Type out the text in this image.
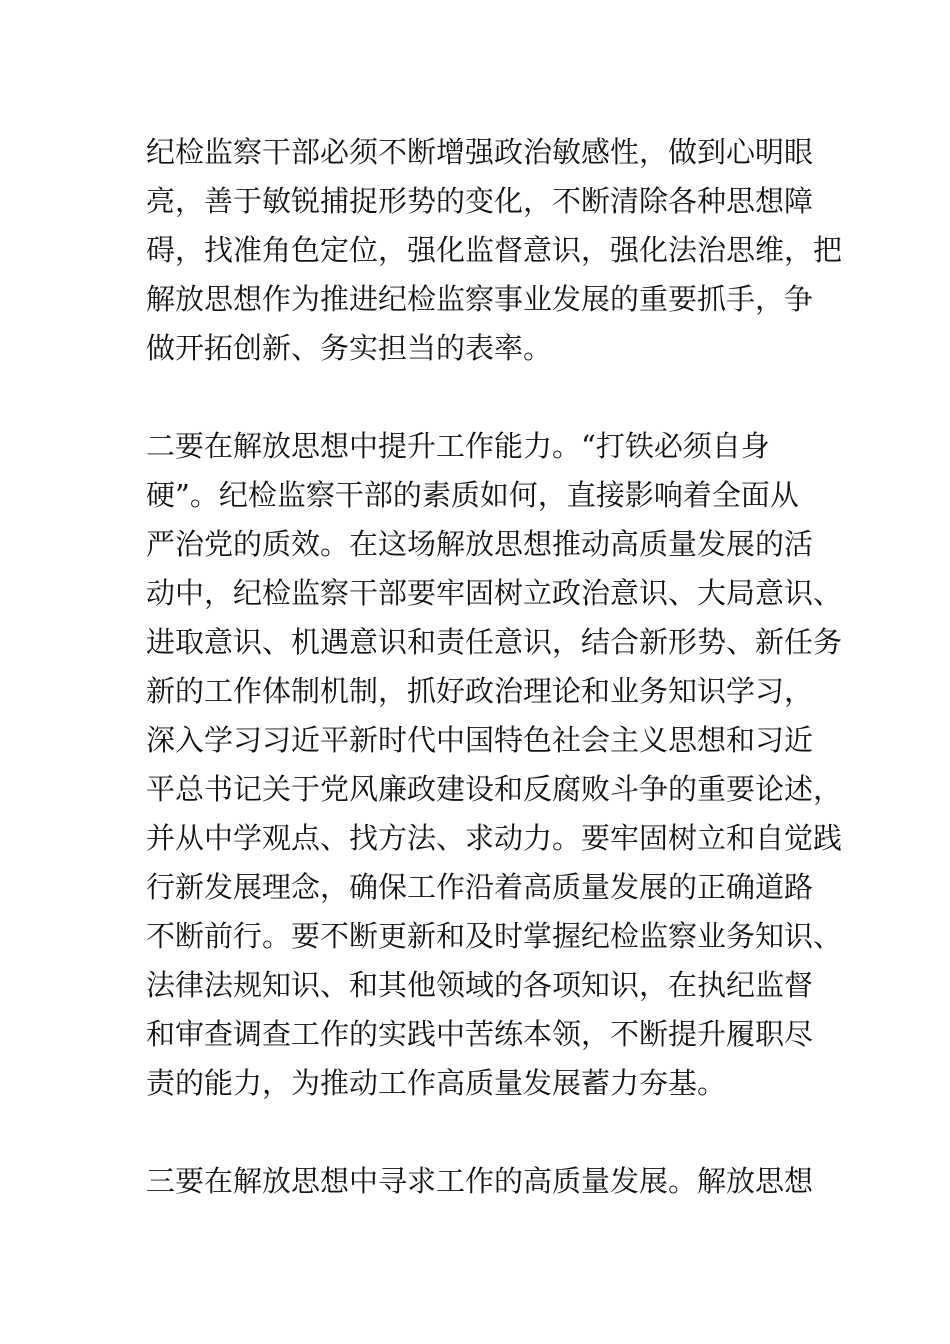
纪检监察干部必须不断增强政治敏感性，做到心明眼
亮，善于敏锐捕捉形势的变化，不断清除各种思想障
碍，找准角色定位，强化监督意识，强化法治思维，把
解放思想作为推进纪检监察事业发展的重要抓手，争
做开拓创新、务实担当的表率。
二要在解放思想中提升工作能力。“打铁必须自身
硬”。纪检监察干部的素质如何，直接影响着全面从
严治党的质效。在这场解放思想推动高质量发展的活
动中，纪检监察干部要牢固树立政治意识、大局意识、
进取意识、机遇意识和责任意识，结合新形势、新任务
新的工作体制机制，抓好政治理论和业务知识学习，
深入学习习近平新时代中国特色社会主义思想和习近
平总书记关于党风廉政建设和反腐败斗争的重要论述，
并从中学观点、找方法、求动力。要牢固树立和自觉践
行新发展理念，确保工作沿着高质量发展的正确道路
不断前行。要不断更新和及时掌握纪检监察业务知识、
法律法规知识、和其他领域的各项知识，在执纪监督
和审查调查工作的实践中苦练本领，不断提升履职尽
责的能力，为推动工作高质量发展蓄力夯基。
三要在解放思想中寻求工作的高质量发展。解放思想
